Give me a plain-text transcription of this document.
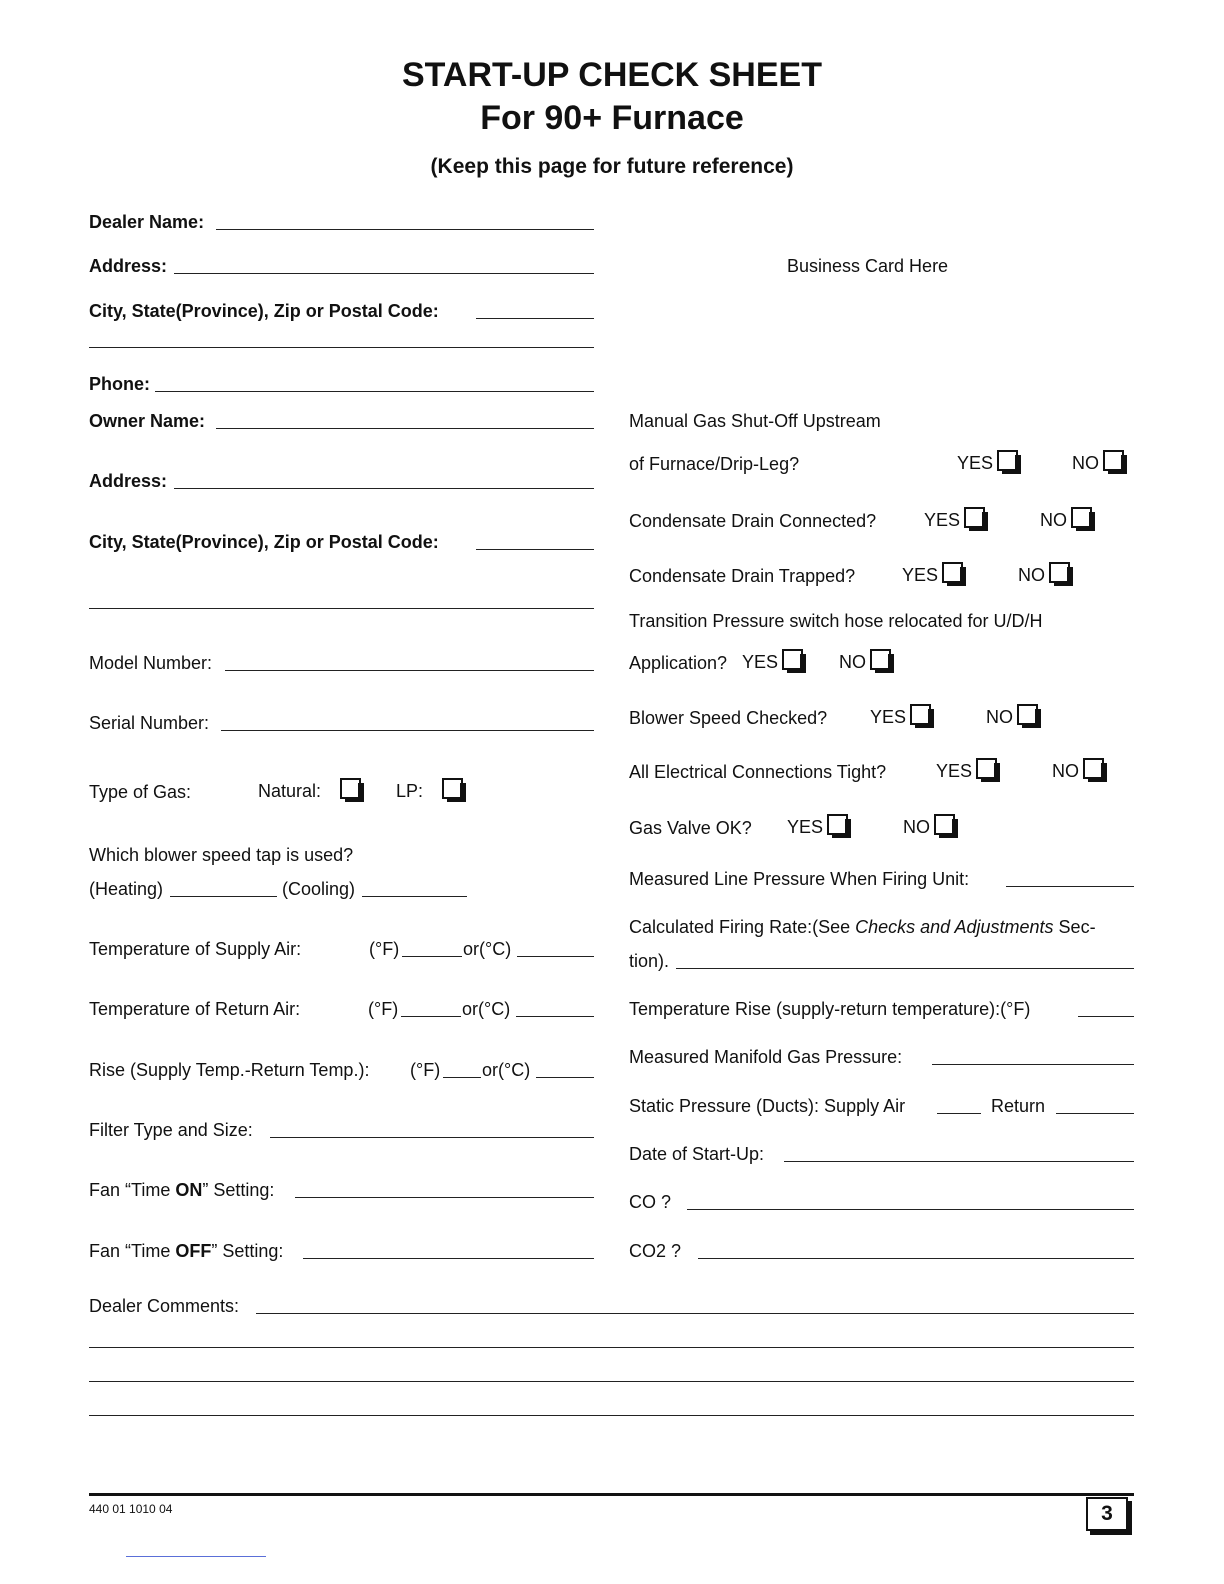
START-UP CHECK SHEET
For 90+ Furnace
(Keep this page for future reference)
Business Card Here
Dealer Name:
Address:
City, State(Province), Zip or Postal Code:
Phone:
Owner Name:
Address:
City, State(Province), Zip or Postal Code:
Model Number:
Serial Number:
Type of Gas:	Natural:	LP:
Which blower speed tap is used?
(Heating)	(Cooling)
Temperature of Supply Air:	(°F)	or(°C)
Temperature of Return Air:	(°F)	or(°C)
Rise (Supply Temp.-Return Temp.): (°F) or(°C)
Filter Type and Size:
Fan “Time ON” Setting:
Fan “Time OFF” Setting:
Manual Gas Shut-Off Upstream
of Furnace/Drip-Leg?	YES	NO
Condensate Drain Connected?	YES	NO
Condensate Drain Trapped?	YES	NO
Transition Pressure switch hose relocated for U/D/H
Application? YES	NO
Blower Speed Checked? YES	NO
All Electrical Connections Tight?	YES	NO
Gas Valve OK? YES	NO
Measured Line Pressure When Firing Unit:
Calculated Firing Rate:(See Checks and Adjustments Sec-
tion).
Temperature Rise (supply-return temperature):(°F)
Measured Manifold Gas Pressure:
Static Pressure (Ducts): Supply Air	Return
Date of Start-Up:
CO ?
CO2 ?
Dealer Comments:
440 01 1010 04	3
